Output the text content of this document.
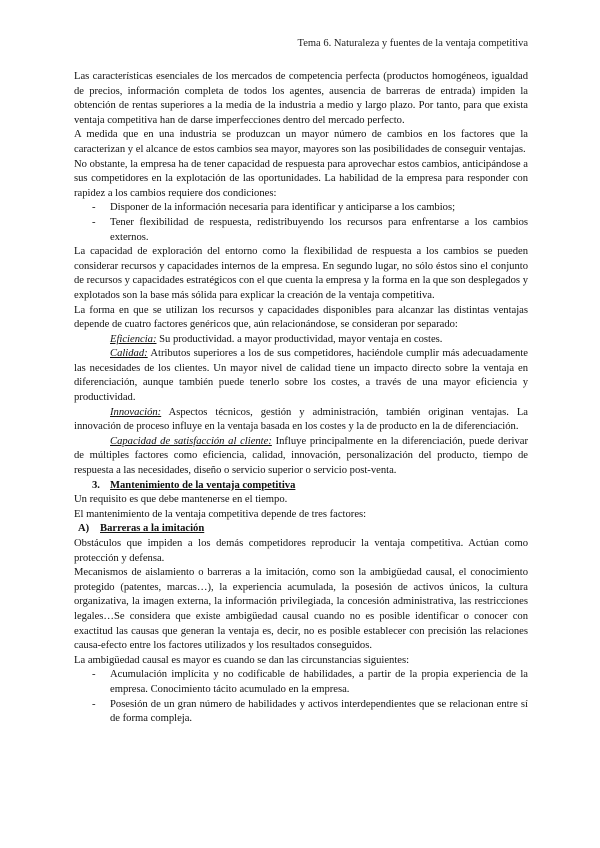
Tema 6. Naturaleza y fuentes de la ventaja competitiva

Las características esenciales de los mercados de competencia perfecta (productos homogéneos, igualdad de precios, información completa de todos los agentes, ausencia de barreras de entrada) impiden la obtención de rentas superiores a la media de la industria a medio y largo plazo. Por tanto, para que exista ventaja competitiva han de darse imperfecciones dentro del mercado perfecto.

A medida que en una industria se produzcan un mayor número de cambios en los factores que la caracterizan y el alcance de estos cambios sea mayor, mayores son las posibilidades de conseguir ventajas.

No obstante, la empresa ha de tener capacidad de respuesta para aprovechar estos cambios, anticipándose a sus competidores en la explotación de las oportunidades. La habilidad de la empresa para responder con rapidez a los cambios requiere dos condiciones:

- Disponer de la información necesaria para identificar y anticiparse a los cambios;
- Tener flexibilidad de respuesta, redistribuyendo los recursos para enfrentarse a los cambios externos.

La capacidad de exploración del entorno como la flexibilidad de respuesta a los cambios se pueden considerar recursos y capacidades internos de la empresa. En segundo lugar, no sólo éstos sino el conjunto de recursos y capacidades estratégicos con el que cuenta la empresa y la forma en la que son desplegados y explotados son la base más sólida para explicar la creación de la ventaja competitiva.

La forma en que se utilizan los recursos y capacidades disponibles para alcanzar las distintas ventajas depende de cuatro factores genéricos que, aún relacionándose, se consideran por separado:

Eficiencia: Su productividad. a mayor productividad, mayor ventaja en costes.

Calidad: Atributos superiores a los de sus competidores, haciéndole cumplir más adecuadamente las necesidades de los clientes. Un mayor nivel de calidad tiene un impacto directo sobre la ventaja en diferenciación, aunque también puede tenerlo sobre los costes, a través de una mayor eficiencia y productividad.

Innovación: Aspectos técnicos, gestión y administración, también originan ventajas. La innovación de proceso influye en la ventaja basada en los costes y la de producto en la de diferenciación.

Capacidad de satisfacción al cliente: Influye principalmente en la diferenciación, puede derivar de múltiples factores como eficiencia, calidad, innovación, personalización del producto, tiempo de respuesta a las necesidades, diseño o servicio superior o servicio post-venta.

3. Mantenimiento de la ventaja competitiva

Un requisito es que debe mantenerse en el tiempo.

El mantenimiento de la ventaja competitiva depende de tres factores:

A) Barreras a la imitación

Obstáculos que impiden a los demás competidores reproducir la ventaja competitiva. Actúan como protección y defensa.

Mecanismos de aislamiento o barreras a la imitación, como son la ambigüedad causal, el conocimiento protegido (patentes, marcas…), la experiencia acumulada, la posesión de activos únicos, la cultura organizativa, la imagen externa, la información privilegiada, la concesión administrativa, las restricciones legales…Se considera que existe ambigüedad causal cuando no es posible identificar o conocer con exactitud las causas que generan la ventaja es, decir, no es posible establecer con precisión las relaciones causa-efecto entre los factores utilizados y los resultados conseguidos.

La ambigüedad causal es mayor es cuando se dan las circunstancias siguientes:

- Acumulación implícita y no codificable de habilidades, a partir de la propia experiencia de la empresa. Conocimiento tácito acumulado en la empresa.
- Posesión de un gran número de habilidades y activos interdependientes que se relacionan entre sí de forma compleja.
